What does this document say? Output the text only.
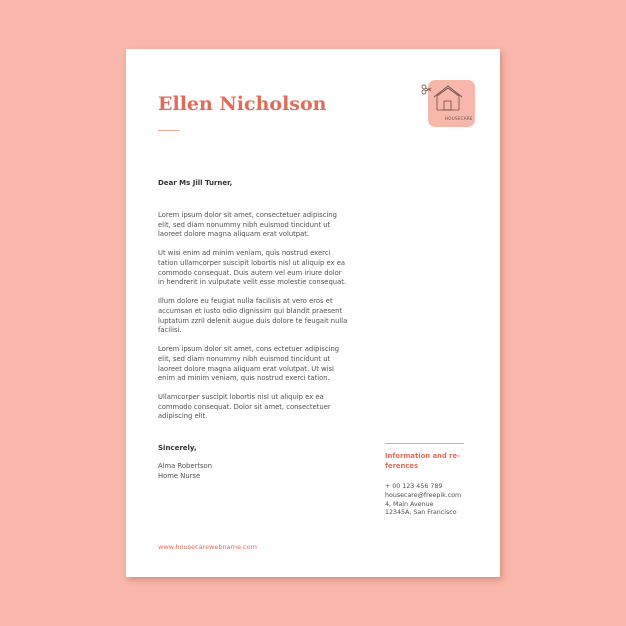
Ellen Nicholson
HOUSECARE
Dear Ms Jill Turner,

Lorem ipsum dolor sit amet, consectetuer adipiscing elit, sed diam nonummy nibh euismod tincidunt ut laoreet dolore magna aliquam erat volutpat.

Ut wisi enim ad minim veniam, quis nostrud exerci tation ullamcorper suscipit lobortis nisl ut aliquip ex ea commodo consequat. Duis autem vel eum iriure dolor in hendrerit in vulputate velit esse molestie consequat.

Illum dolore eu feugiat nulla facilisis at vero eros et accumsan et iusto odio dignissim qui blandit praesent luptatum zzril delenit augue duis dolore te feugait nulla facilisi.

Lorem ipsum dolor sit amet, cons ectetuer adipiscing elit, sed diam nonummy nibh euismod tincidunt ut laoreet dolore magna aliquam erat volutpat. Ut wisi enim ad minim veniam, quis nostrud exerci tation.

Ullamcorper suscipit lobortis nisl ut aliquip ex ea commodo consequat. Dolor sit amet, consectetuer adipiscing elit.

Sincerely,
Alma Robertson
Home Nurse
Information and re-
ferences
+ 00 123 456 789
housecare@freepik.com
4, Main Avenue
12345A, San Francisco
www.housecarewebname.com
